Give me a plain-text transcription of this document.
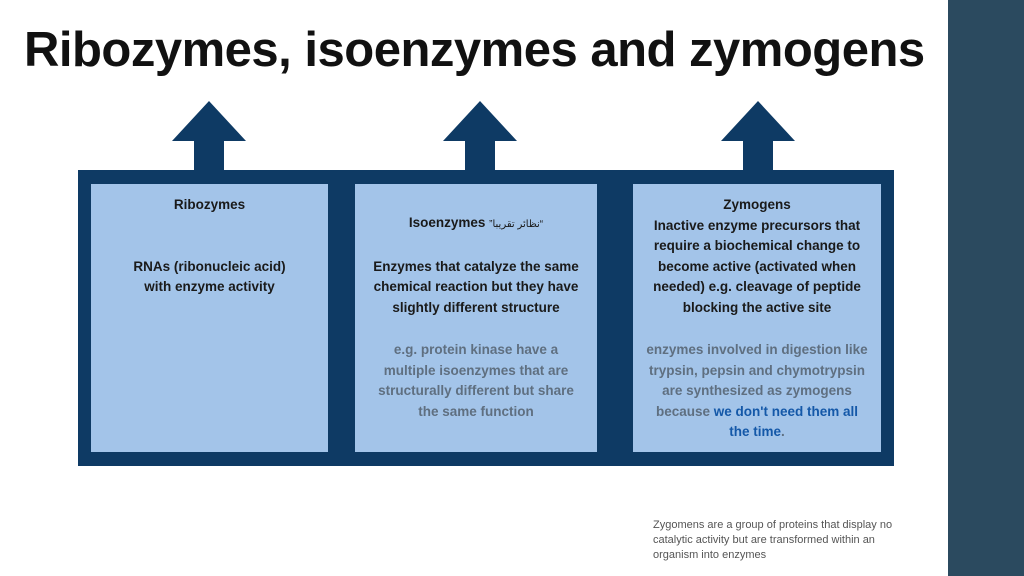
Ribozymes, isoenzymes and zymogens

Ribozymes

RNAs (ribonucleic acid)

with enzyme activity

Isoenzymes “نظائر تقريبا”

Enzymes that catalyze the same

chemical reaction but they have

slightly different structure

e.g. protein kinase have a

multiple isoenzymes that are

structurally different but share

the same function

Zymogens

Inactive enzyme precursors that

require a biochemical change to

become active (activated when

needed) e.g. cleavage of peptide

blocking the active site

enzymes involved in digestion like

trypsin, pepsin and chymotrypsin

are synthesized as zymogens

because we don't need them all

the time.

Zygomens are a group of proteins that display no catalytic activity but are transformed within an organism into enzymes
